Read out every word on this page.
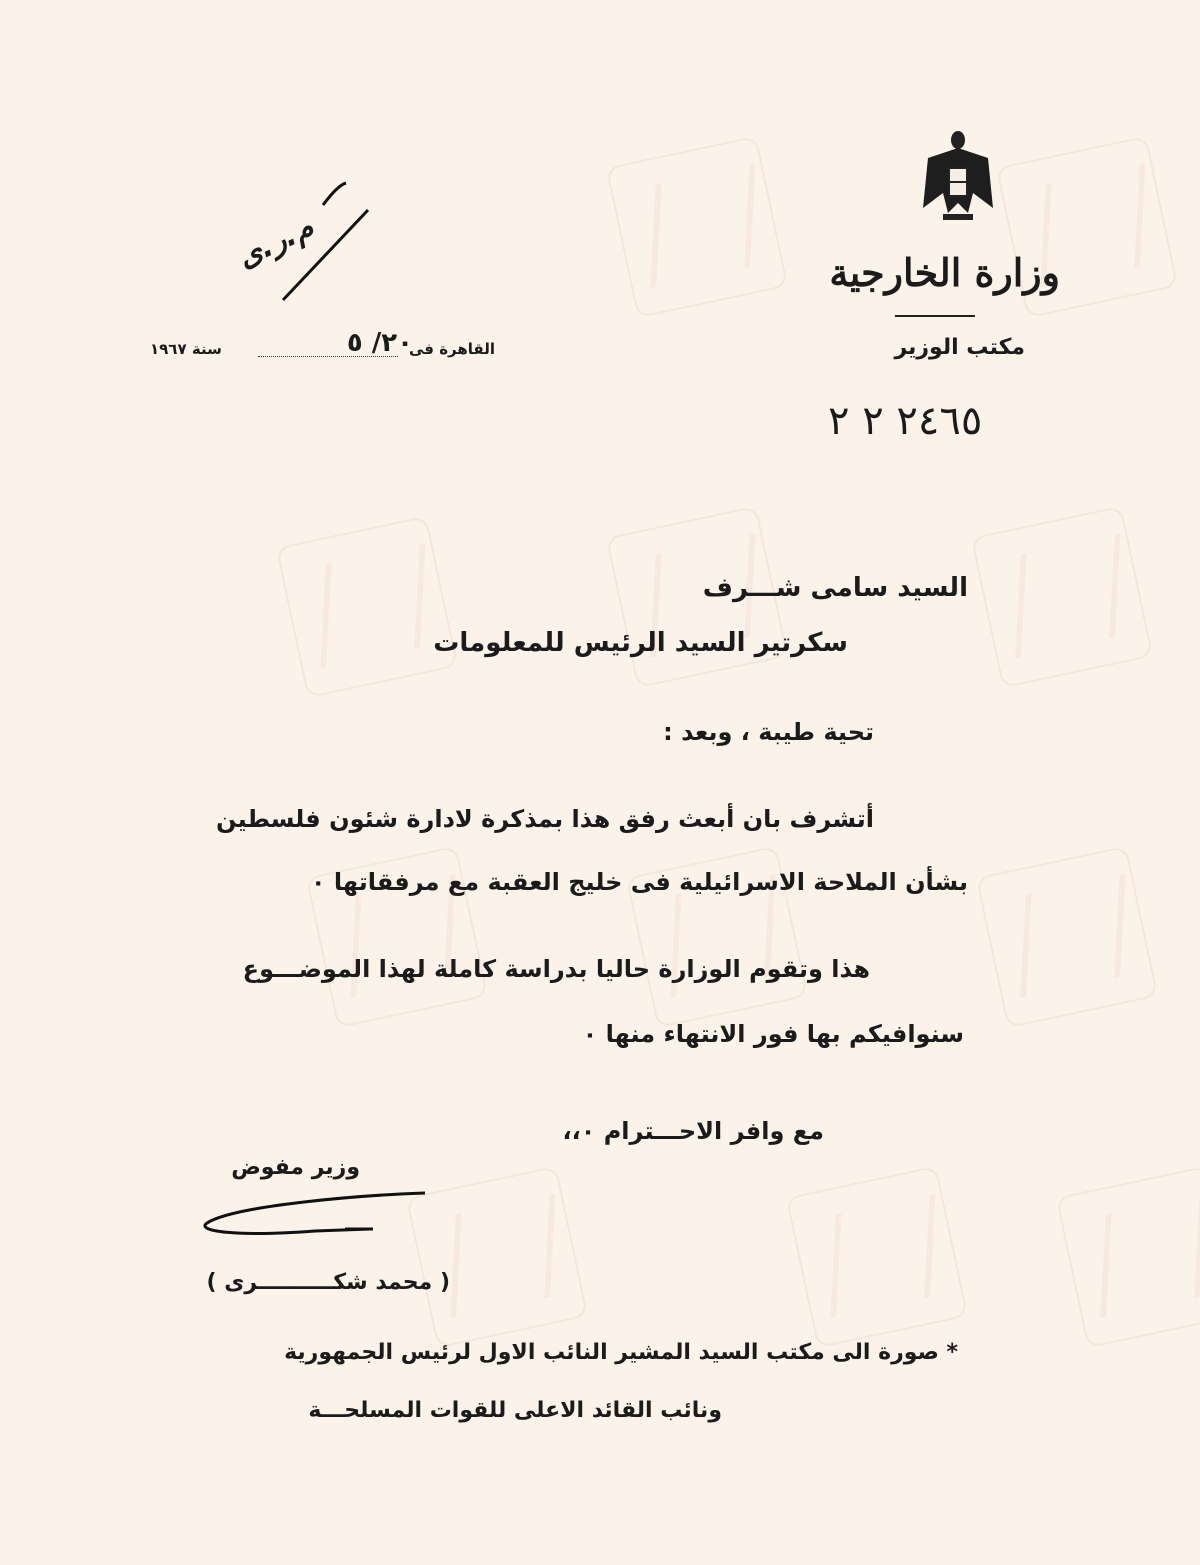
وزارة الخارجية
مكتب الوزير
٢٤٦٥ ٢ ٢
م.ر.ى
القاهرة فى
٢٠/ ٥
سنة ١٩٦٧
السيد سامى شـــرف
سكرتير السيد الرئيس للمعلومات
تحية طيبة ، وبعد :
أتشرف بان أبعث رفق هذا بمذكرة لادارة شئون فلسطين
بشأن الملاحة الاسرائيلية فى خليج العقبة مع مرفقاتها ٠
هذا وتقوم الوزارة حاليا بدراسة كاملة لهذا الموضـــوع
سنوافيكم بها فور الانتهاء منها ٠
مع وافر الاحـــترام ٠،،
وزير مفوض
( محمد شكــــــــــرى )
* صورة الى مكتب السيد المشير النائب الاول لرئيس الجمهورية
ونائب القائد الاعلى للقوات المسلحـــة
